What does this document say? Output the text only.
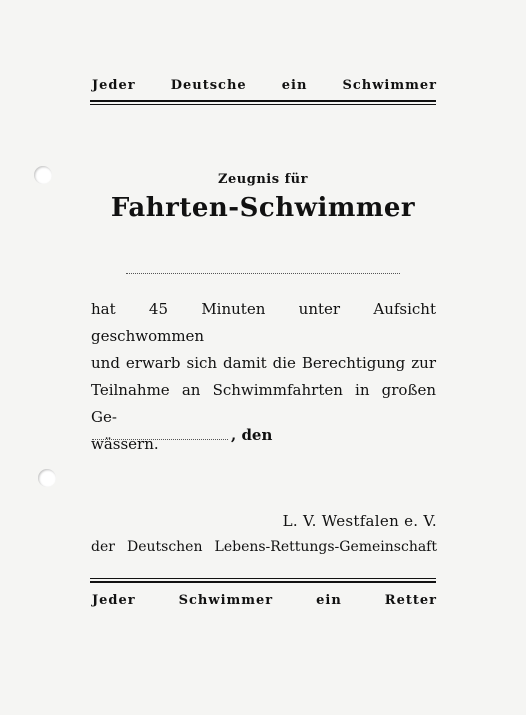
Jeder Deutsche ein Schwimmer
Zeugnis für
Fahrten-Schwimmer
hat 45 Minuten unter Aufsicht geschwommen
und erwarb sich damit die Berechtigung zur
Teilnahme an Schwimmfahrten in großen Ge-
wässern.	, den
L. V. Westfalen e. V.
der Deutschen Lebens-Rettungs-Gemeinschaft
Jeder Schwimmer ein Retter
